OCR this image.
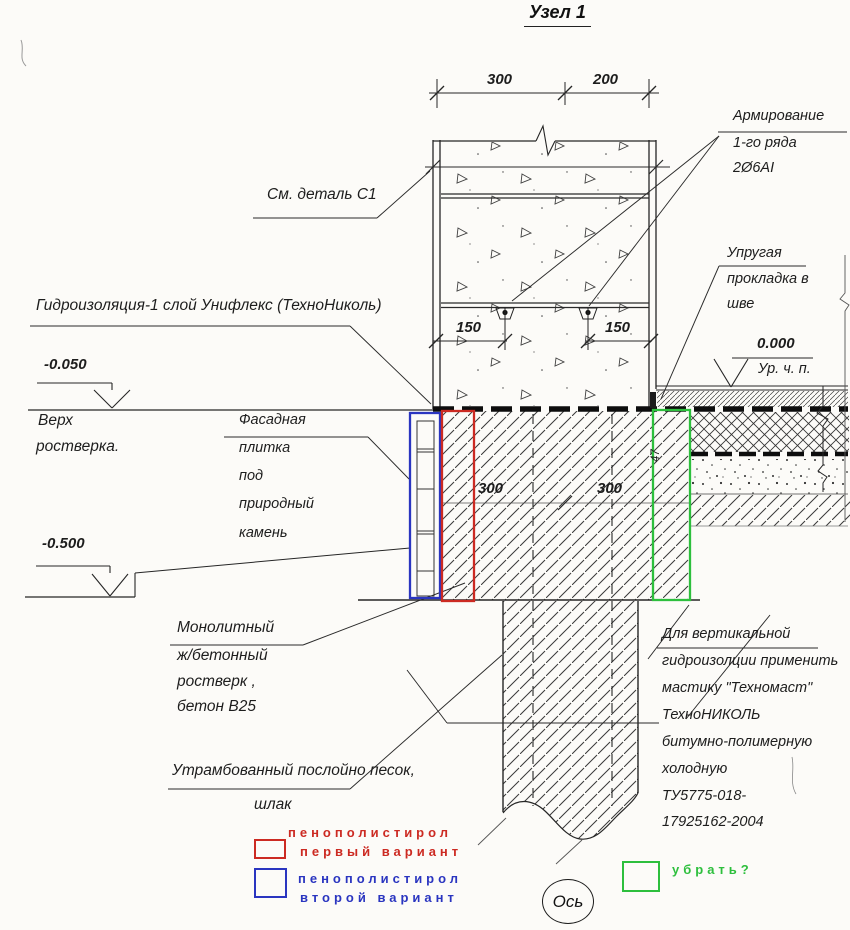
Узел 1
300	200
Армирование
1-го ряда
2Ø6AI
См. деталь С1
Упругая
прокладка в
шве
Гидроизоляция-1 слой Унифлекс (ТехноНиколь)
150	150
0.000
Ур. ч. п.
-0.050
Верх
ростверка.
Фасадная
плитка
под
природный
камень
300	300
47
-0.500
Монолитный
ж/бетонный
ростверк ,
бетон В25
Для вертикальной
гидроизолции применить
мастику "Техномаст"
ТехноНИКОЛЬ
битумно-полимерную
холодную
ТУ5775-018-
17925162-2004
Утрамбованный послойно песок,
шлак
пенополистирол
первый вариант
пенополистирол
второй вариант
убрать?
Ось
